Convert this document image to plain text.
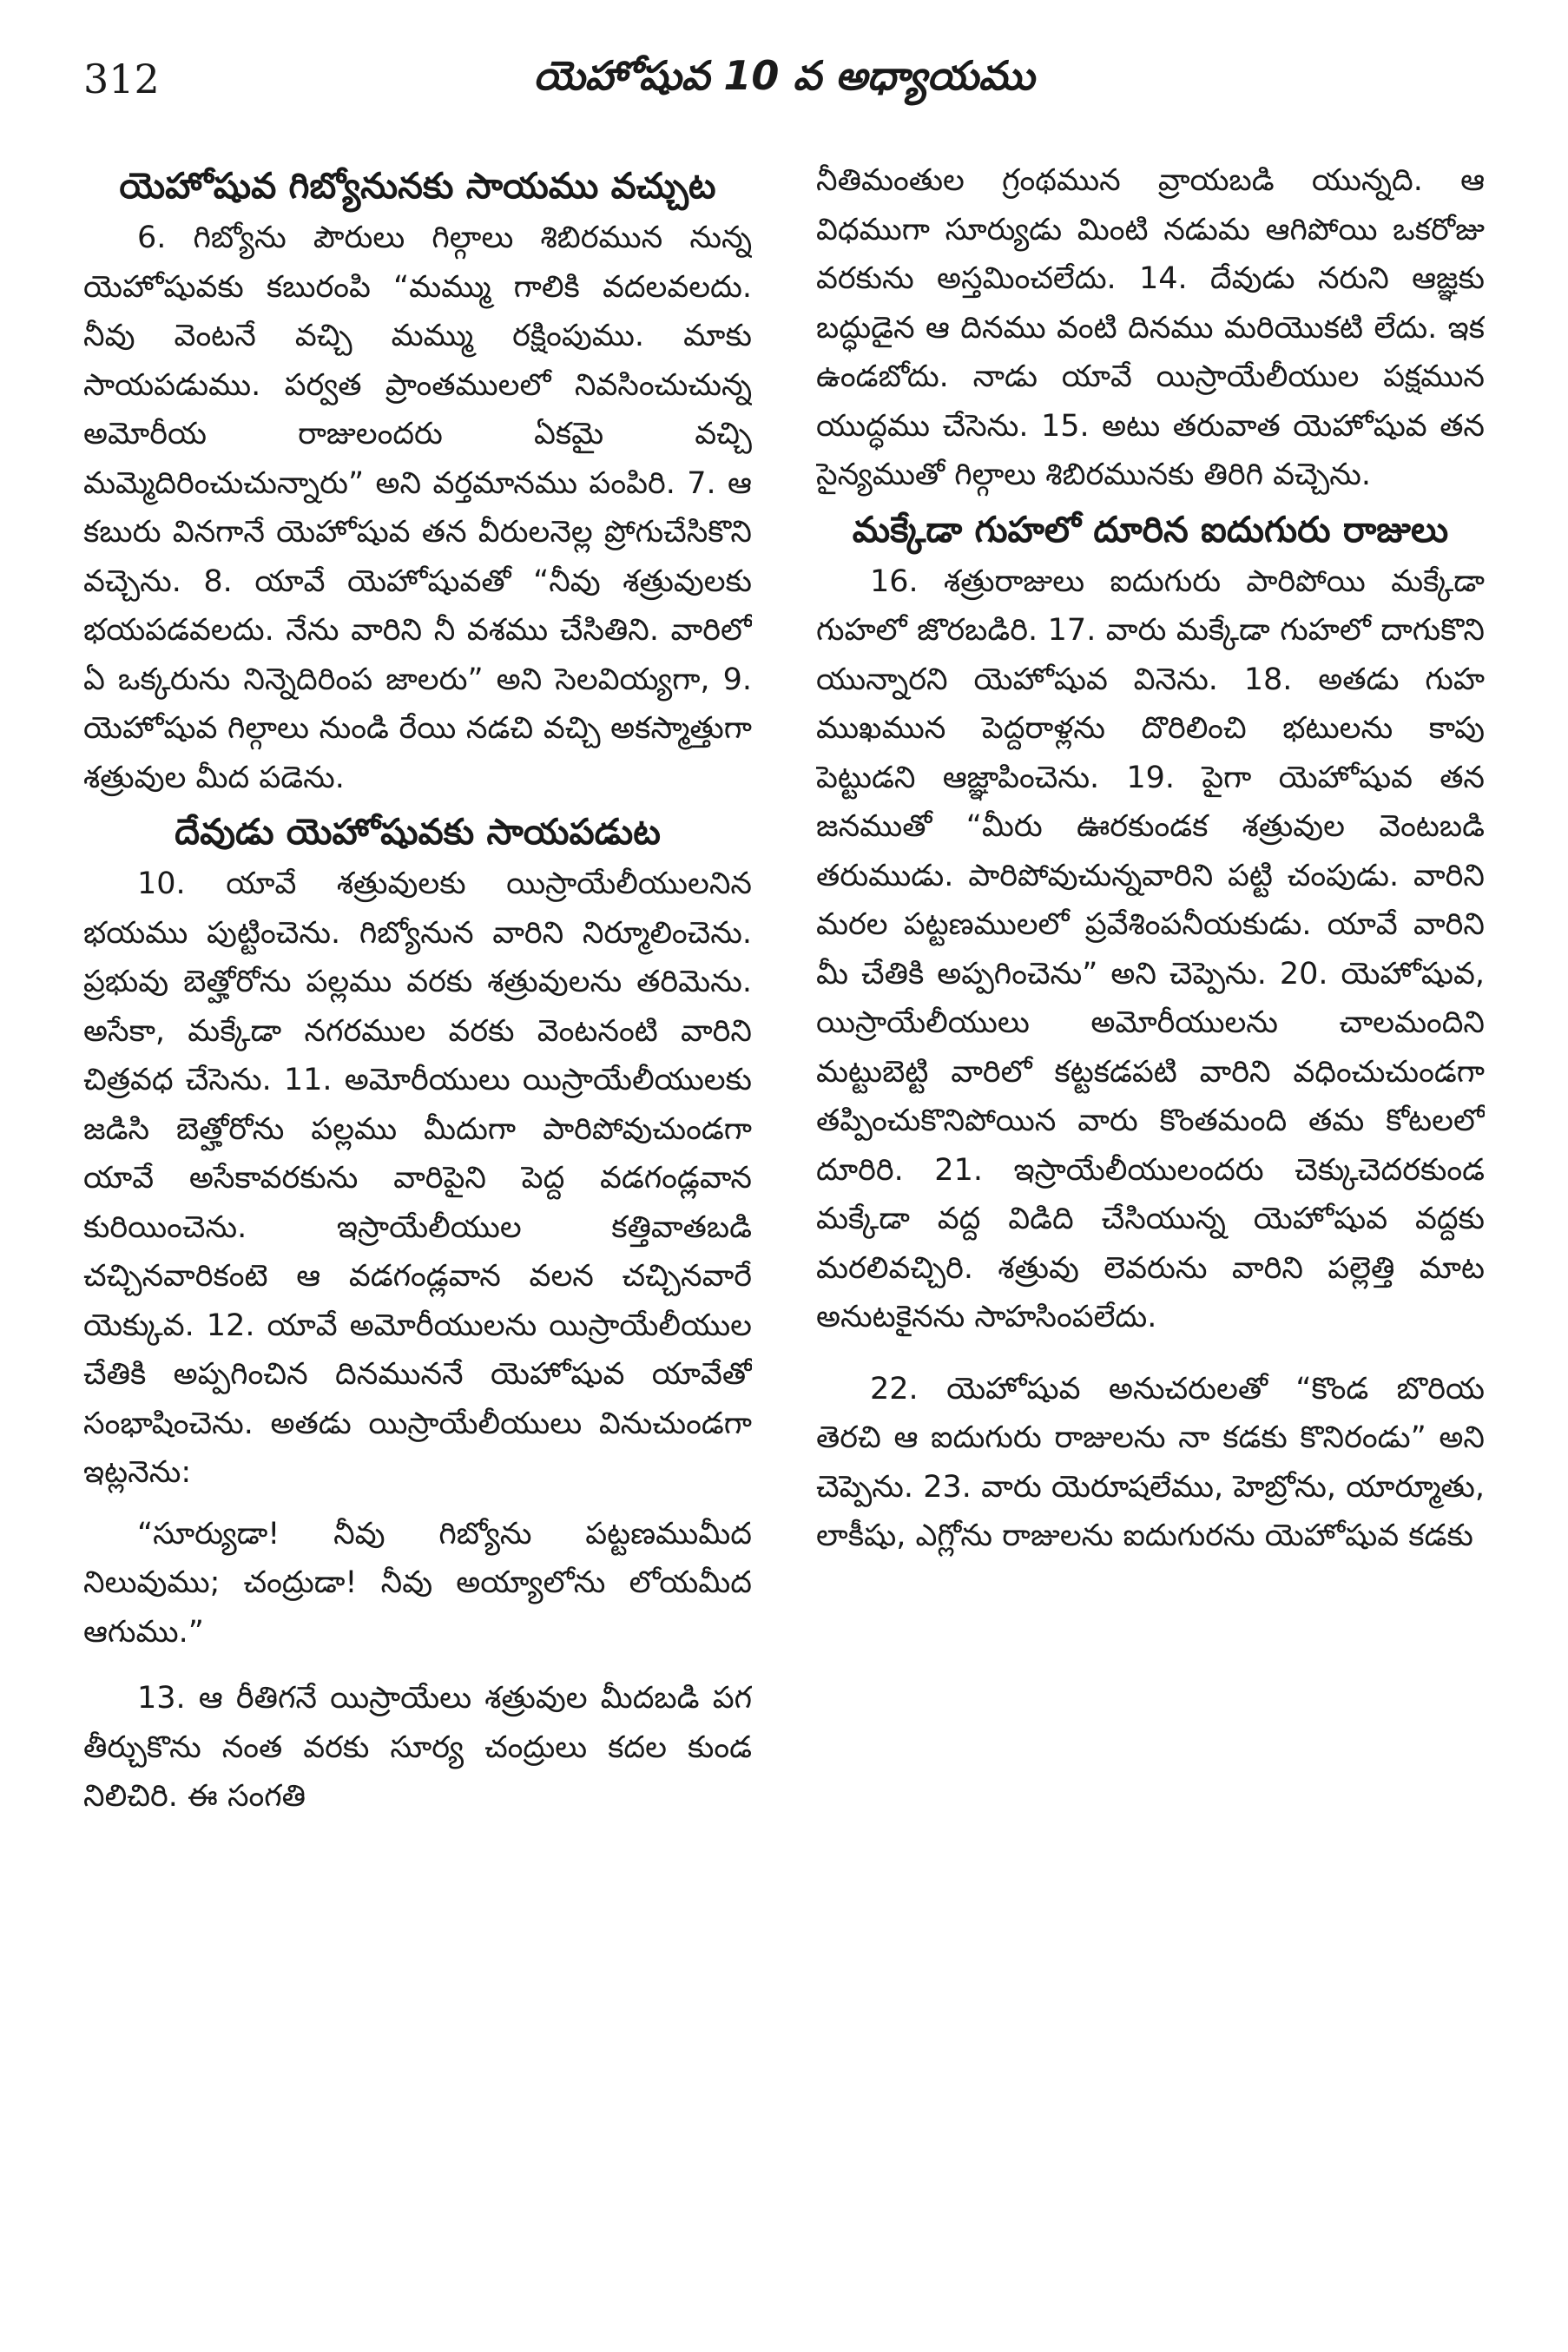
312	యెహోషువ 10 వ అధ్యాయము
యెహోషువ గిబ్యోనునకు సాయము వచ్చుట

6. గిబ్యోను పౌరులు గిల్గాలు శిబిరమున నున్న యెహోషువకు కబురంపి “మమ్ము గాలికి వదలవలదు. నీవు వెంటనే వచ్చి మమ్ము రక్షింపుము. మాకు సాయపడుము. పర్వత ప్రాంతములలో నివసించుచున్న అమోరీయ రాజులందరు ఏకమై వచ్చి మమ్మెదిరించుచున్నారు” అని వర్తమానము పంపిరి. 7. ఆ కబురు వినగానే యెహోషువ తన వీరులనెల్ల ప్రోగుచేసికొని వచ్చెను. 8. యావే యెహోషువతో “నీవు శత్రువులకు భయపడవలదు. నేను వారిని నీ వశము చేసితిని. వారిలో ఏ ఒక్కరును నిన్నెదిరింప జాలరు” అని సెలవియ్యగా, 9. యెహోషువ గిల్గాలు నుండి రేయి నడచి వచ్చి అకస్మాత్తుగా శత్రువుల మీద పడెను.

దేవుడు యెహోషువకు సాయపడుట

10. యావే శత్రువులకు యిస్రాయేలీయులనిన భయము పుట్టించెను. గిబ్యోనున వారిని నిర్మూలించెను. ప్రభువు బెత్హోరోను పల్లము వరకు శత్రువులను తరిమెను. అసేకా, మక్కేడా నగరముల వరకు వెంటనంటి వారిని చిత్రవధ చేసెను. 11. అమోరీయులు యిస్రాయేలీయులకు జడిసి బెత్హోరోను పల్లము మీదుగా పారిపోవుచుండగా యావే అసేకావరకును వారిపైని పెద్ద వడగండ్లవాన కురియించెను. ఇస్రాయేలీయుల కత్తివాతబడి చచ్చినవారికంటె ఆ వడగండ్లవాన వలన చచ్చినవారే యెక్కువ. 12. యావే అమోరీయులను యిస్రాయేలీయుల చేతికి అప్పగించిన దినముననే యెహోషువ యావేతో సంభాషించెను. అతడు యిస్రాయేలీయులు వినుచుండగా ఇట్లనెను:

“సూర్యుడా! నీవు గిబ్యోను పట్టణముమీద నిలువుము; చంద్రుడా! నీవు అయ్యాలోను లోయమీద ఆగుము.”

13. ఆ రీతిగనే యిస్రాయేలు శత్రువుల మీదబడి పగ తీర్చుకొను నంత వరకు సూర్య చంద్రులు కదల కుండ నిలిచిరి. ఈ సంగతి

నీతిమంతుల గ్రంథమున వ్రాయబడి యున్నది. ఆ విధముగా సూర్యుడు మింటి నడుమ ఆగిపోయి ఒకరోజు వరకును అస్తమించలేదు. 14. దేవుడు నరుని ఆజ్ఞకు బద్ధుడైన ఆ దినము వంటి దినము మరియొకటి లేదు. ఇక ఉండబోదు. నాడు యావే యిస్రాయేలీయుల పక్షమున యుద్ధము చేసెను. 15. అటు తరువాత యెహోషువ తన సైన్యముతో గిల్గాలు శిబిరమునకు తిరిగి వచ్చెను.

మక్కేడా గుహలో దూరిన ఐదుగురు రాజులు

16. శత్రురాజులు ఐదుగురు పారిపోయి మక్కేడా గుహలో జొరబడిరి. 17. వారు మక్కేడా గుహలో దాగుకొని యున్నారని యెహోషువ వినెను. 18. అతడు గుహ ముఖమున పెద్దరాళ్లను దొరిలించి భటులను కాపు పెట్టుడని ఆజ్ఞాపించెను. 19. పైగా యెహోషువ తన జనముతో “మీరు ఊరకుండక శత్రువుల వెంటబడి తరుముడు. పారిపోవుచున్నవారిని పట్టి చంపుడు. వారిని మరల పట్టణములలో ప్రవేశింపనీయకుడు. యావే వారిని మీ చేతికి అప్పగించెను” అని చెప్పెను. 20. యెహోషువ, యిస్రాయేలీయులు అమోరీయులను చాలమందిని మట్టుబెట్టి వారిలో కట్టకడపటి వారిని వధించుచుండగా తప్పించుకొనిపోయిన వారు కొంతమంది తమ కోటలలో దూరిరి. 21. ఇస్రాయేలీయులందరు చెక్కుచెదరకుండ మక్కేడా వద్ద విడిది చేసియున్న యెహోషువ వద్దకు మరలివచ్చిరి. శత్రువు లెవరును వారిని పల్లెత్తి మాట అనుటకైనను సాహసింపలేదు.

22. యెహోషువ అనుచరులతో “కొండ బొరియ తెరచి ఆ ఐదుగురు రాజులను నా కడకు కొనిరండు” అని చెప్పెను. 23. వారు యెరూషలేము, హెబ్రోను, యార్మూతు, లాకీషు, ఎగ్లోను రాజులను ఐదుగురను యెహోషువ కడకు
